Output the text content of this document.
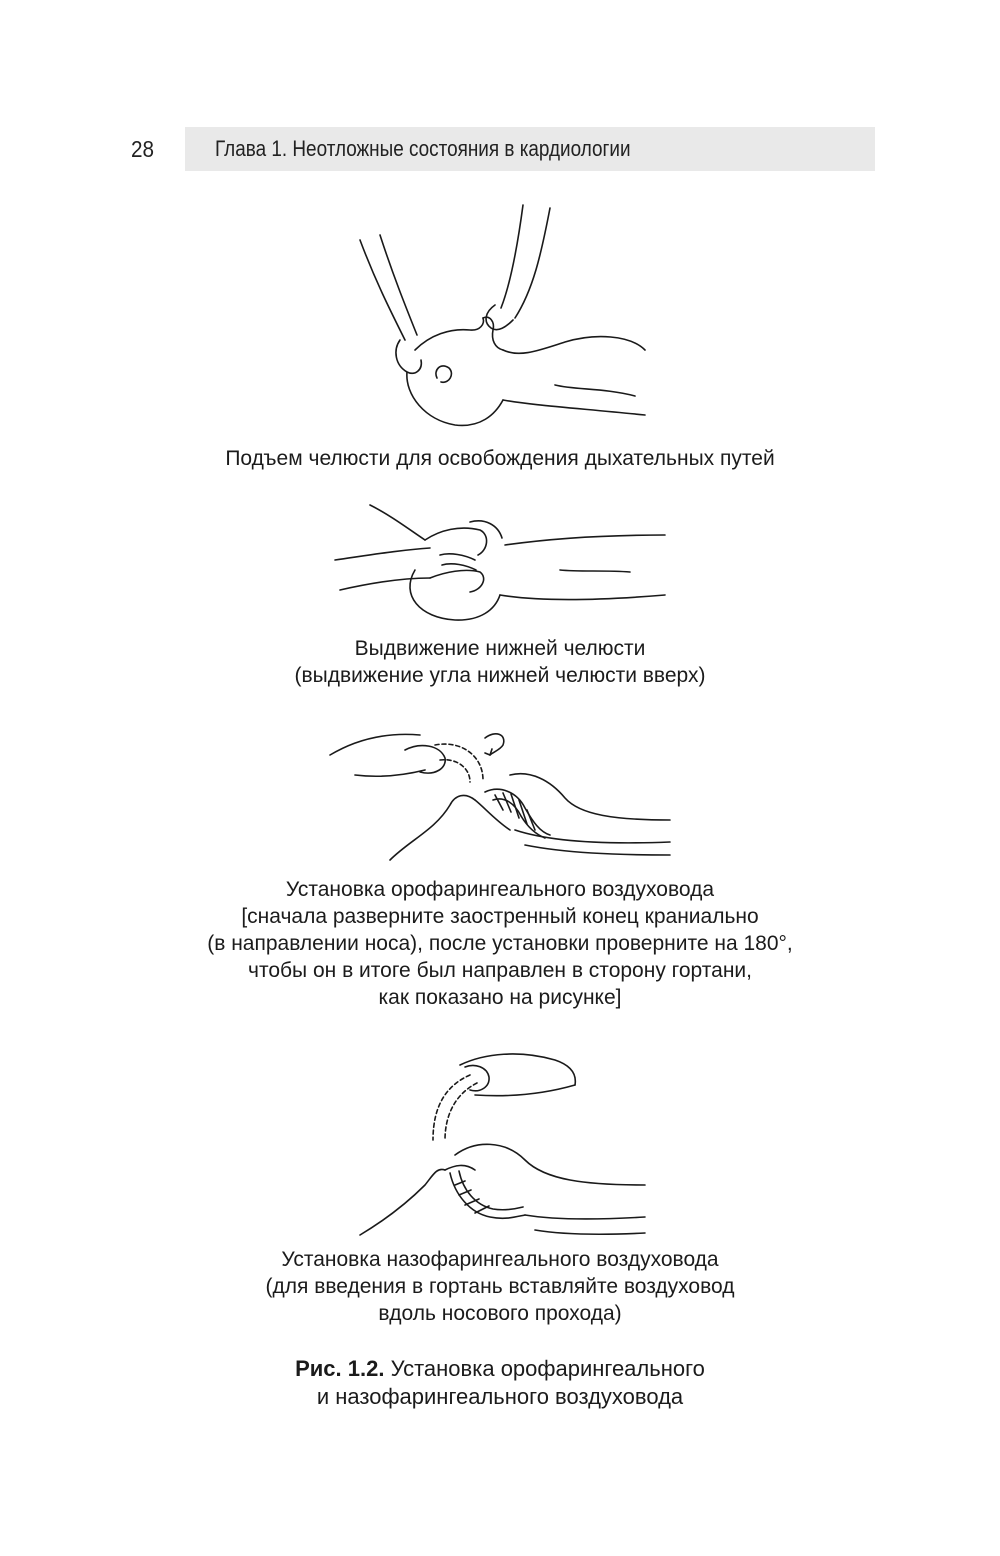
28	Глава 1. Неотложные состояния в кардиологии
Подъем челюсти для освобождения дыхательных путей
Выдвижение нижней челюсти
(выдвижение угла нижней челюсти вверх)
Установка орофарингеального воздуховода
[сначала разверните заостренный конец краниально
(в направлении носа), после установки проверните на 180°,
чтобы он в итоге был направлен в сторону гортани,
как показано на рисунке]
Установка назофарингеального воздуховода
(для введения в гортань вставляйте воздуховод
вдоль носового прохода)
Рис. 1.2. Установка орофарингеального
и назофарингеального воздуховода
